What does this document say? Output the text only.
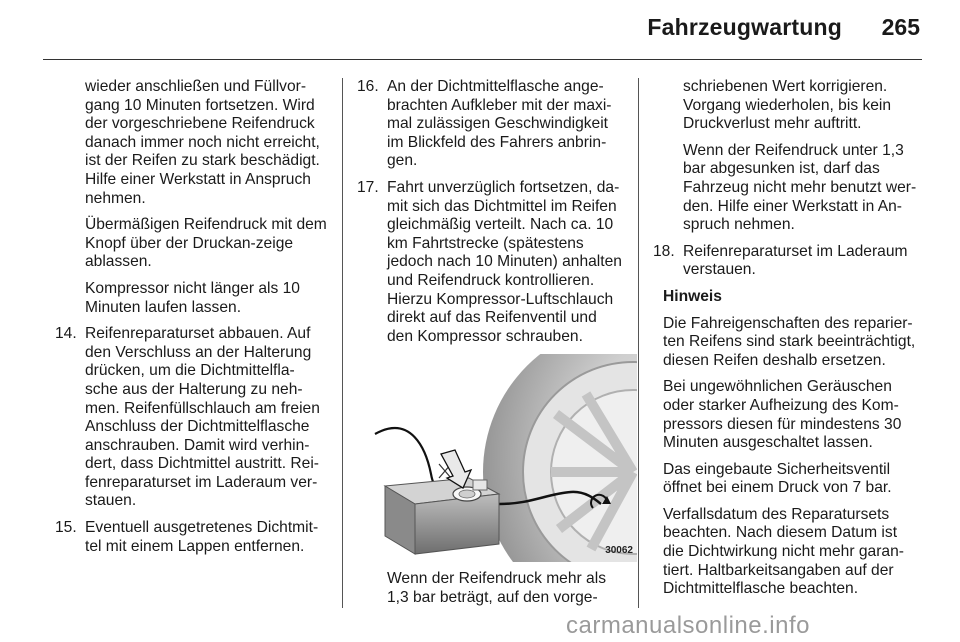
Fahrzeugwartung 265

wieder anschließen und Füllvor-gang 10 Minuten fortsetzen. Wird der vorgeschriebene Reifendruck danach immer noch nicht erreicht, ist der Reifen zu stark beschädigt. Hilfe einer Werkstatt in Anspruch nehmen.

Übermäßigen Reifendruck mit dem Knopf über der Druckan-zeige ablassen.

Kompressor nicht länger als 10 Minuten laufen lassen.

14. Reifenreparaturset abbauen. Auf den Verschluss an der Halterung drücken, um die Dichtmittelfla-sche aus der Halterung zu neh-men. Reifenfüllschlauch am freien Anschluss der Dichtmittelflasche anschrauben. Damit wird verhin-dert, dass Dichtmittel austritt. Rei-fenreparaturset im Laderaum ver-stauen.
15. Eventuell ausgetretenes Dichtmit-tel mit einem Lappen entfernen.
16. An der Dichtmittelflasche ange-brachten Aufkleber mit der maxi-mal zulässigen Geschwindigkeit im Blickfeld des Fahrers anbrin-gen.
17. Fahrt unverzüglich fortsetzen, da-mit sich das Dichtmittel im Reifen gleichmäßig verteilt. Nach ca. 10 km Fahrtstrecke (spätestens jedoch nach 10 Minuten) anhalten und Reifendruck kontrollieren. Hierzu Kompressor-Luftschlauch direkt auf das Reifenventil und den Kompressor schrauben.
30062

Wenn der Reifendruck mehr als 1,3 bar beträgt, auf den vorge-

schriebenen Wert korrigieren. Vorgang wiederholen, bis kein Druckverlust mehr auftritt.

Wenn der Reifendruck unter 1,3 bar abgesunken ist, darf das Fahrzeug nicht mehr benutzt wer-den. Hilfe einer Werkstatt in An-spruch nehmen.

18. Reifenreparaturset im Laderaum verstauen.

Hinweis

Die Fahreigenschaften des reparier-ten Reifens sind stark beeinträchtigt, diesen Reifen deshalb ersetzen.

Bei ungewöhnlichen Geräuschen oder starker Aufheizung des Kom-pressors diesen für mindestens 30 Minuten ausgeschaltet lassen.

Das eingebaute Sicherheitsventil öffnet bei einem Druck von 7 bar.

Verfallsdatum des Reparatursets beachten. Nach diesem Datum ist die Dichtwirkung nicht mehr garan-tiert. Haltbarkeitsangaben auf der Dichtmittelflasche beachten.

carmanualsonline.info
